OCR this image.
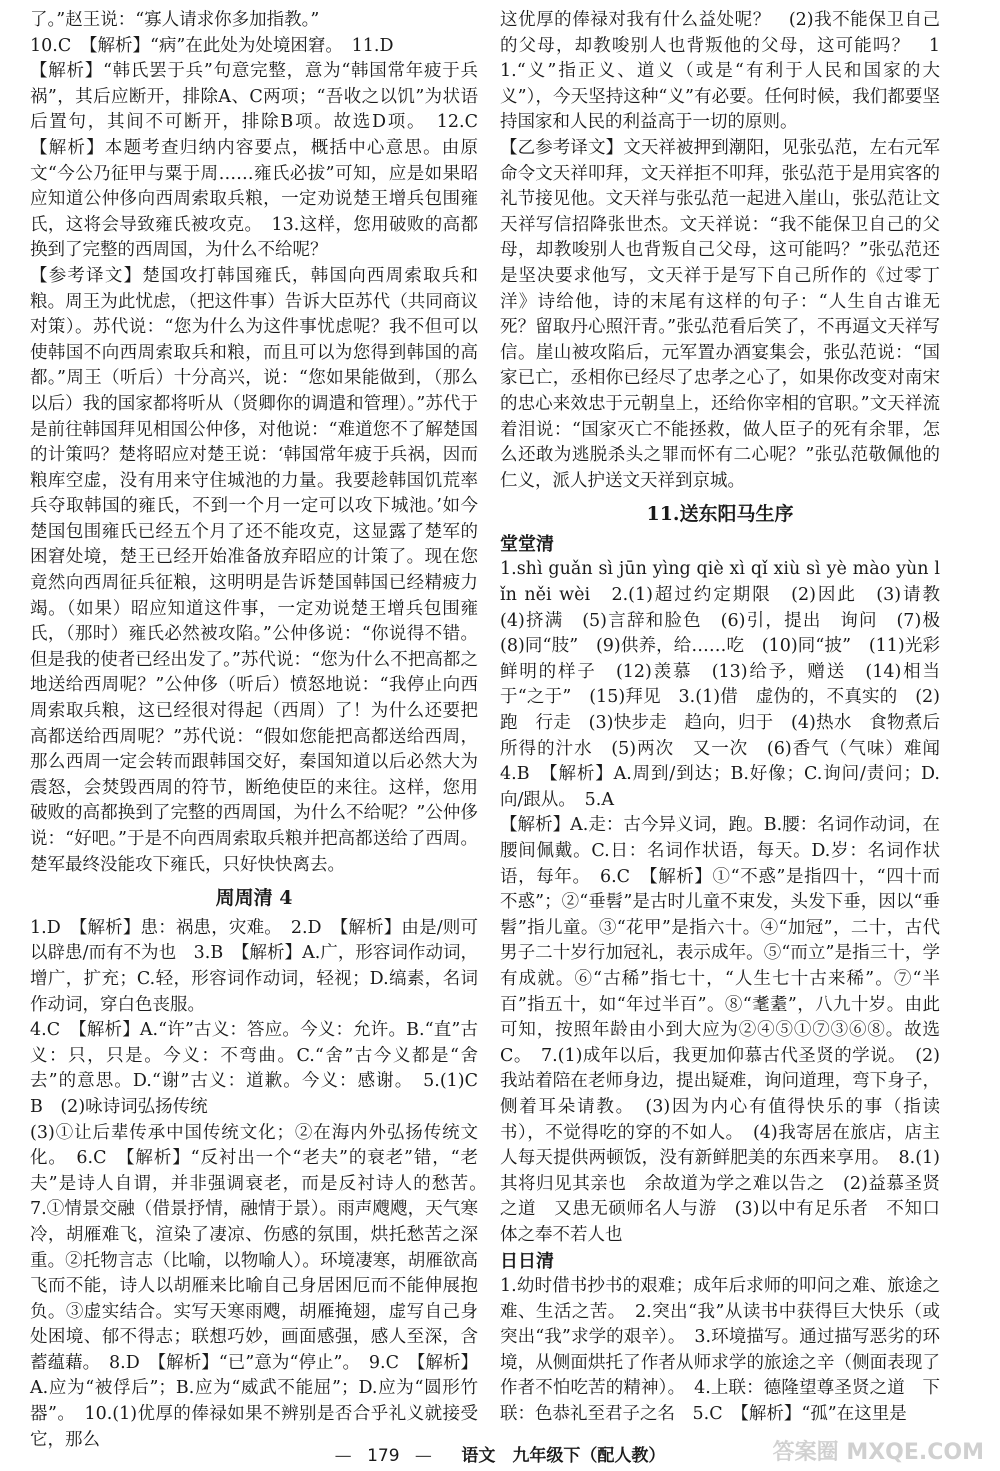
了。”赵王说：“寡人请求你多加指教。”

10.C　【解析】“病”在此处为处境困窘。　11.D

【解析】“韩氏罢于兵”句意完整，意为“韩国常年疲于兵祸”，其后应断开，排除A、C两项；“吾收之以饥”为状语后置句，其间不可断开，排除B项。故选D项。　12.C　【解析】本题考查归纳内容要点，概括中心意思。由原文“今公乃征甲与粟于周……雍氏必拔”可知，应是如果昭应知道公仲侈向西周索取兵粮，一定劝说楚王增兵包围雍氏，这将会导致雍氏被攻克。　13.这样，您用破败的高都换到了完整的西周国，为什么不给呢？

【参考译文】楚国攻打韩国雍氏，韩国向西周索取兵和粮。周王为此忧虑，（把这件事）告诉大臣苏代（共同商议对策）。苏代说：“您为什么为这件事忧虑呢？我不但可以使韩国不向西周索取兵和粮，而且可以为您得到韩国的高都。”周王（听后）十分高兴，说：“您如果能做到，（那么以后）我的国家都将听从（贤卿你的调遣和管理）。”苏代于是前往韩国拜见相国公仲侈，对他说：“难道您不了解楚国的计策吗？楚将昭应对楚王说：‘韩国常年疲于兵祸，因而粮库空虚，没有用来守住城池的力量。我要趁韩国饥荒率兵夺取韩国的雍氏，不到一个月一定可以攻下城池。’如今楚国包围雍氏已经五个月了还不能攻克，这显露了楚军的困窘处境，楚王已经开始准备放弃昭应的计策了。现在您竟然向西周征兵征粮，这明明是告诉楚国韩国已经精疲力竭。（如果）昭应知道这件事，一定劝说楚王增兵包围雍氏，（那时）雍氏必然被攻陷。”公仲侈说：“你说得不错。但是我的使者已经出发了。”苏代说：“您为什么不把高都之地送给西周呢？”公仲侈（听后）愤怒地说：“我停止向西周索取兵粮，这已经很对得起（西周）了！为什么还要把高都送给西周呢？”苏代说：“假如您能把高都送给西周，那么西周一定会转而跟韩国交好，秦国知道以后必然大为震怒，会焚毁西周的符节，断绝使臣的来往。这样，您用破败的高都换到了完整的西周国，为什么不给呢？”公仲侈说：“好吧。”于是不向西周索取兵粮并把高都送给了西周。楚军最终没能攻下雍氏，只好快快离去。

周周清 4

1.D　【解析】患：祸患，灾难。　2.D　【解析】由是/则可以辟患/而有不为也　3.B　【解析】A.广，形容词作动词，增广，扩充；C.轻，形容词作动词，轻视；D.缟素，名词作动词，穿白色丧服。

4.C　【解析】A.“许”古义：答应。今义：允许。B.“直”古义：只，只是。今义：不弯曲。C.“舍”古今义都是“舍去”的意思。D.“谢”古义：道歉。今义：感谢。　5.(1)C　B　(2)咏诗词弘扬传统

(3)①让后辈传承中国传统文化；②在海内外弘扬传统文化。　6.C　【解析】“反衬出一个“老夫”的衰老”错，“老夫”是诗人自谓，并非强调衰老，而是反衬诗人的愁苦。　7.①情景交融（借景抒情，融情于景）。雨声飕飕，天气寒冷，胡雁难飞，渲染了凄凉、伤感的氛围，烘托愁苦之深重。②托物言志（比喻，以物喻人）。环境凄寒，胡雁欲高飞而不能，诗人以胡雁来比喻自己身居困厄而不能伸展抱负。③虚实结合。实写天寒雨飕，胡雁掩翅，虚写自己身处困境、郁不得志；联想巧妙，画面感强，感人至深，含蓄蕴藉。　8.D　【解析】“已”意为“停止”。　9.C　【解析】A.应为“被俘后”；B.应为“威武不能屈”；D.应为“圆形竹器”。　10.(1)优厚的俸禄如果不辨别是否合乎礼义就接受它，那么

这优厚的俸禄对我有什么益处呢？　(2)我不能保卫自己的父母，却教唆别人也背叛他的父母，这可能吗？　11.“义”指正义、道义（或是“有利于人民和国家的大义”），今天坚持这种“义”有必要。任何时候，我们都要坚持国家和人民的利益高于一切的原则。

【乙参考译文】文天祥被押到潮阳，见张弘范，左右元军命令文天祥叩拜，文天祥拒不叩拜，张弘范于是用宾客的礼节接见他。文天祥与张弘范一起进入崖山，张弘范让文天祥写信招降张世杰。文天祥说：“我不能保卫自己的父母，却教唆别人也背叛自己父母，这可能吗？”张弘范还是坚决要求他写，文天祥于是写下自己所作的《过零丁洋》诗给他，诗的末尾有这样的句子：“人生自古谁无死？留取丹心照汗青。”张弘范看后笑了，不再逼文天祥写信。崖山被攻陷后，元军置办酒宴集会，张弘范说：“国家已亡，丞相你已经尽了忠孝之心了，如果你改变对南宋的忠心来效忠于元朝皇上，还给你宰相的官职。”文天祥流着泪说：“国家灭亡不能拯救，做人臣子的死有余罪，怎么还敢为逃脱杀头之罪而怀有二心呢？”张弘范敬佩他的仁义，派人护送文天祥到京城。

11.送东阳马生序
堂堂清

1.shì guǎn sì jūn yìng qiè xì qǐ xiù sì yè mào yùn lǐn něi wèi　2.(1)超过约定期限　(2)因此　(3)请教　(4)挤满　(5)言辞和脸色　(6)引，提出　询问　(7)极　(8)同“肢”　(9)供养，给……吃　(10)同“披”　(11)光彩鲜明的样子　(12)羡慕　(13)给予，赠送　(14)相当于“之于”　(15)拜见　3.(1)借　虚伪的，不真实的　(2)跑　行走　(3)快步走　趋向，归于　(4)热水　食物煮后所得的汁水　(5)两次　又一次　(6)香气（气味）难闻　4.B　【解析】A.周到/到达；B.好像；C.询问/责问；D.向/跟从。　5.A

【解析】A.走：古今异义词，跑。B.腰：名词作动词，在腰间佩戴。C.日：名词作状语，每天。D.岁：名词作状语，每年。　6.C　【解析】①“不惑”是指四十，“四十而不惑”；②“垂髫”是古时儿童不束发，头发下垂，因以“垂髫”指儿童。③“花甲”是指六十。④“加冠”，二十，古代男子二十岁行加冠礼，表示成年。⑤“而立”是指三十，学有成就。⑥“古稀”指七十，“人生七十古来稀”。⑦“半百”指五十，如“年过半百”。⑧“耄耋”，八九十岁。由此可知，按照年龄由小到大应为②④⑤①⑦③⑥⑧。故选C。　7.(1)成年以后，我更加仰慕古代圣贤的学说。　(2)我站着陪在老师身边，提出疑难，询问道理，弯下身子，侧着耳朵请教。　(3)因为内心有值得快乐的事（指读书），不觉得吃的穿的不如人。　(4)我寄居在旅店，店主人每天提供两顿饭，没有新鲜肥美的东西来享用。　8.(1)其将归见其亲也　余故道为学之难以告之　(2)益慕圣贤之道　又患无硕师名人与游　(3)以中有足乐者　不知口体之奉不若人也

日日清

1.幼时借书抄书的艰难；成年后求师的叩问之难、旅途之难、生活之苦。　2.突出“我”从读书中获得巨大快乐（或突出“我”求学的艰辛）。　3.环境描写。通过描写恶劣的环境，从侧面烘托了作者从师求学的旅途之辛（侧面表现了作者不怕吃苦的精神）。　4.上联：德隆望尊圣贤之道　下联：色恭礼至君子之名　5.C　【解析】“孤”在这里是

— 179 — 语文　九年级下（配人教）	答案圈 MXQE.COM
